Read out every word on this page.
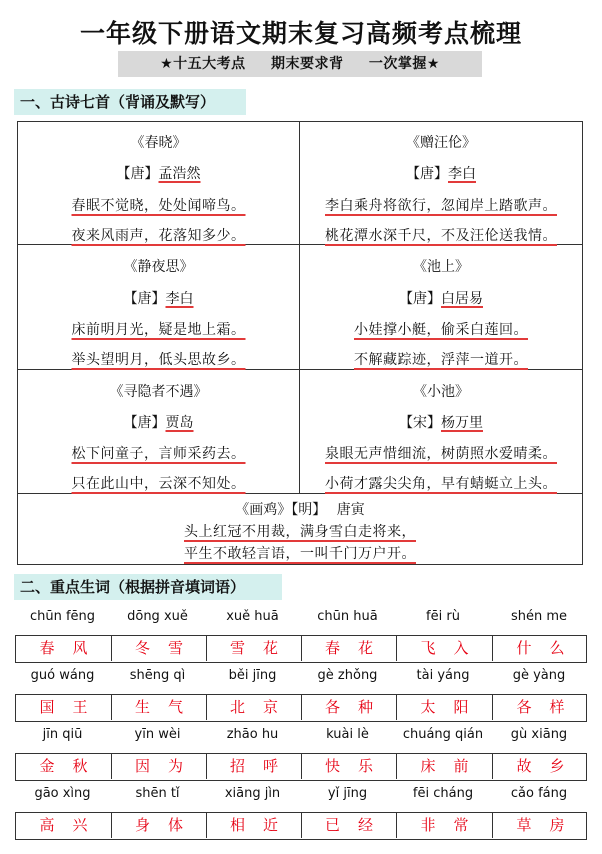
一年级下册语文期末复习高频考点梳理
★十五大考点 期末要求背 一次掌握★
一、古诗七首（背诵及默写）
《春晓》
【唐】孟浩然
春眠不觉晓，处处闻啼鸟。
夜来风雨声，花落知多少。
《赠汪伦》
【唐】李白
李白乘舟将欲行，忽闻岸上踏歌声。
桃花潭水深千尺，不及汪伦送我情。
《静夜思》
【唐】李白
床前明月光，疑是地上霜。
举头望明月，低头思故乡。
《池上》
【唐】白居易
小娃撑小艇，偷采白莲回。
不解藏踪迹，浮萍一道开。
《寻隐者不遇》
【唐】贾岛
松下问童子，言师采药去。
只在此山中，云深不知处。
《小池》
【宋】杨万里
泉眼无声惜细流，树荫照水爱晴柔。
小荷才露尖尖角，早有蜻蜓立上头。
《画鸡》【明】 唐寅
头上红冠不用裁，满身雪白走将来，
平生不敢轻言语，一叫千门万户开。
二、重点生词（根据拼音填词语）
chūn fēng	dōng xuě	xuě huā	chūn huā	fēi rù	shén me
春风	冬雪	雪花	春花	飞入	什么
guó wáng	shēng qì	běi jīng	gè zhǒng	tài yáng	gè yàng
国王	生气	北京	各种	太阳	各样
jīn qiū	yīn wèi	zhāo hu	kuài lè	chuáng qián	gù xiāng
金秋	因为	招呼	快乐	床前	故乡
gāo xìng	shēn tǐ	xiāng jìn	yǐ jīng	fēi cháng	cǎo fáng
高兴	身体	相近	已经	非常	草房
